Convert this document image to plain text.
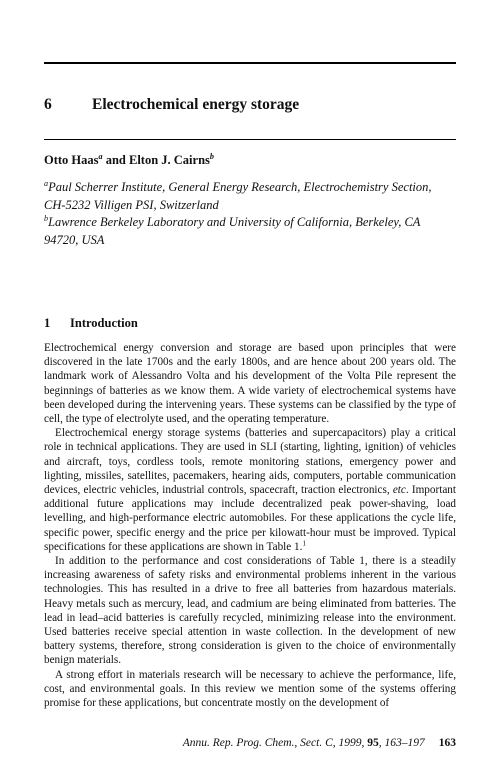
6	Electrochemical energy storage
Otto Haas$^a$ and Elton J. Cairns$^b$

$^a$Paul Scherrer Institute, General Energy Research, Electrochemistry Section, CH-5232 Villigen PSI, Switzerland

$^b$Lawrence Berkeley Laboratory and University of California, Berkeley, CA 94720, USA

1 Introduction

Electrochemical energy conversion and storage are based upon principles that were discovered in the late 1700s and the early 1800s, and are hence about 200 years old. The landmark work of Alessandro Volta and his development of the Volta Pile represent the beginnings of batteries as we know them. A wide variety of electrochemical systems have been developed during the intervening years. These systems can be classified by the type of cell, the type of electrolyte used, and the operating temperature.

Electrochemical energy storage systems (batteries and supercapacitors) play a critical role in technical applications. They are used in SLI (starting, lighting, ignition) of vehicles and aircraft, toys, cordless tools, remote monitoring stations, emergency power and lighting, missiles, satellites, pacemakers, hearing aids, computers, portable communication devices, electric vehicles, industrial controls, spacecraft, traction electronics, etc. Important additional future applications may include decentralized peak power-shaving, load levelling, and high-performance electric automobiles. For these applications the cycle life, specific power, specific energy and the price per kilowatt-hour must be improved. Typical specifications for these applications are shown in Table 1.$^1$

In addition to the performance and cost considerations of Table 1, there is a steadily increasing awareness of safety risks and environmental problems inherent in the various technologies. This has resulted in a drive to free all batteries from hazardous materials. Heavy metals such as mercury, lead, and cadmium are being eliminated from batteries. The lead in lead–acid batteries is carefully recycled, minimizing release into the environment. Used batteries receive special attention in waste collection. In the development of new battery systems, therefore, strong consideration is given to the choice of environmentally benign materials.

A strong effort in materials research will be necessary to achieve the performance, life, cost, and environmental goals. In this review we mention some of the systems offering promise for these applications, but concentrate mostly on the development of

Annu. Rep. Prog. Chem., Sect. C, 1999, 95, 163–197 163
